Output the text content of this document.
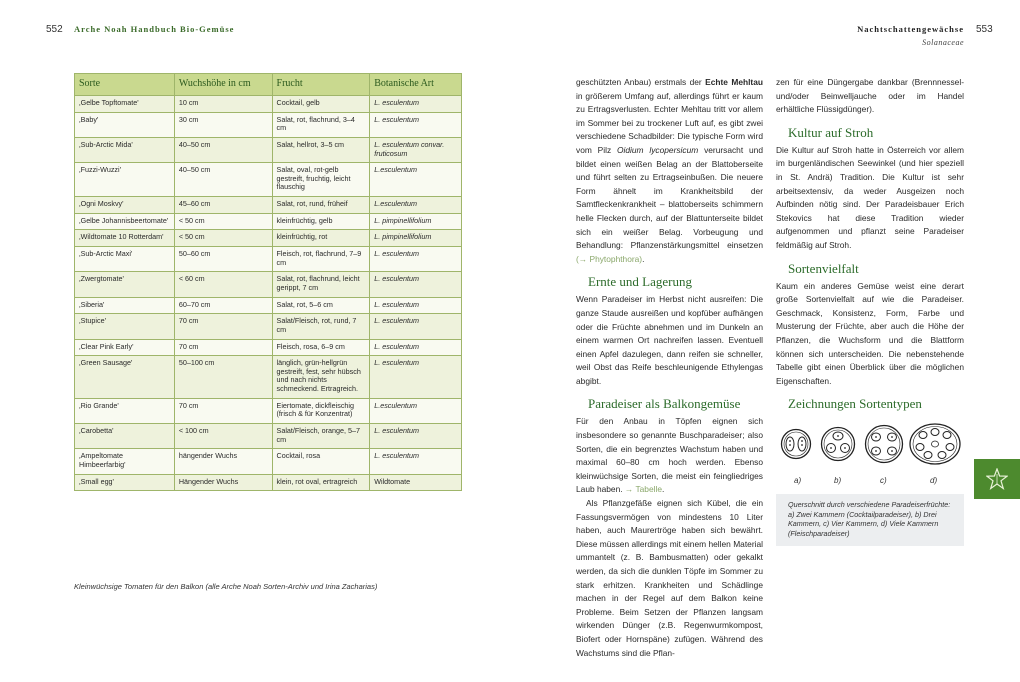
552 Arche Noah Handbuch Bio-Gemüse	Nachtschattengewächse
Solanaceae
553
Sorte	Wuchshöhe in cm	Frucht	Botanische Art
‚Gelbe Topftomate'	10 cm	Cocktail, gelb	L. esculentum
‚Baby'	30 cm	Salat, rot, flachrund, 3–4 cm	L. esculentum
‚Sub-Arctic Mida'	40–50 cm	Salat, hellrot, 3–5 cm	L. esculentum convar. fruticosum
‚Fuzzi-Wuzzi'	40–50 cm	Salat, oval, rot-gelb gestreift, fruchtig, leicht flauschig	L.esculentum
‚Ogni Moskvy'	45–60 cm	Salat, rot, rund, früheif	L.esculentum
‚Gelbe Johannisbeertomate'	< 50 cm	kleinfrüchtig, gelb	L. pimpinellifolium
‚Wildtomate 10 Rotterdam'	< 50 cm	kleinfrüchtig, rot	L. pimpinellifolium
‚Sub-Arctic Maxi'	50–60 cm	Fleisch, rot, flachrund, 7–9 cm	L. esculentum
‚Zwergtomate'	< 60 cm	Salat, rot, flachrund, leicht gerippt, 7 cm	L. esculentum
‚Siberia'	60–70 cm	Salat, rot, 5–6 cm	L. esculentum
‚Stupice'	70 cm	Salat/Fleisch, rot, rund, 7 cm	L. esculentum
‚Clear Pink Early'	70 cm	Fleisch, rosa, 6–9 cm	L. esculentum
‚Green Sausage'	50–100 cm	länglich, grün-hellgrün gestreift, fest, sehr hübsch und nach nichts schmeckend. Ertragreich.	L. esculentum
‚Rio Grande'	70 cm	Eiertomate, dickfleischig (frisch & für Konzentrat)	L.esculentum
‚Carobetta'	< 100 cm	Salat/Fleisch, orange, 5–7 cm	L. esculentum
‚Ampeltomate Himbeerfarbig'	hängender Wuchs	Cocktail, rosa	L. esculentum
‚Small egg'	Hängender Wuchs	klein, rot oval, ertragreich	Wildtomate
Kleinwüchsige Tomaten für den Balkon (alle Arche Noah Sorten-Archiv und Irina Zacharias)

geschützten Anbau) erstmals der Echte Mehltau in größerem Umfang auf, allerdings führt er kaum zu Ertragsverlusten. Echter Mehltau tritt vor allem im Sommer bei zu trockener Luft auf, es gibt zwei verschiedene Schadbilder: Die typische Form wird vom Pilz Oidium lycopersicum verursacht und bildet einen weißen Belag an der Blattoberseite und führt selten zu Ertragseinbußen. Die neuere Form ähnelt im Krankheitsbild der Samtfleckenkrankheit – blattoberseits schimmern helle Flecken durch, auf der Blattunterseite bildet sich ein weißer Belag. Vorbeugung und Behandlung: Pflanzenstärkungsmittel einsetzen (→ Phytophthora).

Ernte und Lagerung

Wenn Paradeiser im Herbst nicht ausreifen: Die ganze Staude ausreißen und kopfüber aufhängen oder die Früchte abnehmen und im Dunkeln an einem warmen Ort nachreifen lassen. Eventuell einen Apfel dazulegen, dann reifen sie schneller, weil Obst das Reife beschleunigende Ethylengas abgibt.

Paradeiser als Balkongemüse

Für den Anbau in Töpfen eignen sich insbesondere so genannte Buschparadeiser; also Sorten, die ein begrenztes Wachstum haben und maximal 60–80 cm hoch werden. Ebenso kleinwüchsige Sorten, die meist ein feingliedriges Laub haben. → Tabelle.

Als Pflanzgefäße eignen sich Kübel, die ein Fassungsvermögen von mindestens 10 Liter haben, auch Maurertröge haben sich bewährt. Diese müssen allerdings mit einem hellen Material ummantelt (z. B. Bambusmatten) oder gekalkt werden, da sich die dunklen Töpfe im Sommer zu stark erhitzen. Krankheiten und Schädlinge machen in der Regel auf dem Balkon keine Probleme. Beim Setzen der Pflanzen langsam wirkenden Dünger (z.B. Regenwurmkompost, Biofert oder Hornspäne) zufügen. Während des Wachstums sind die Pflan-

zen für eine Düngergabe dankbar (Brennnessel- und/oder Beinwelljauche oder im Handel erhältliche Flüssigdünger).

Kultur auf Stroh

Die Kultur auf Stroh hatte in Österreich vor allem im burgenländischen Seewinkel (und hier speziell in St. Andrä) Tradition. Die Kultur ist sehr arbeitsextensiv, da weder Ausgeizen noch Aufbinden nötig sind. Der Paradeisbauer Erich Stekovics hat diese Tradition wieder aufgenommen und pflanzt seine Paradeiser feldmäßig auf Stroh.

Sortenvielfalt

Kaum ein anderes Gemüse weist eine derart große Sortenvielfalt auf wie die Paradeiser. Geschmack, Konsistenz, Form, Farbe und Musterung der Früchte, aber auch die Höhe der Pflanzen, die Wuchsform und die Blattform können sich unterscheiden. Die nebenstehende Tabelle gibt einen Überblick über die möglichen Eigenschaften.

Zeichnungen Sortentypen
a)	b)	c)	d)
Querschnitt durch verschiedene Paradeiserfrüchte: a) Zwei Kammern (Cocktailparadeiser), b) Drei Kammern, c) Vier Kammern, d) Viele Kammern (Fleischparadeiser)
